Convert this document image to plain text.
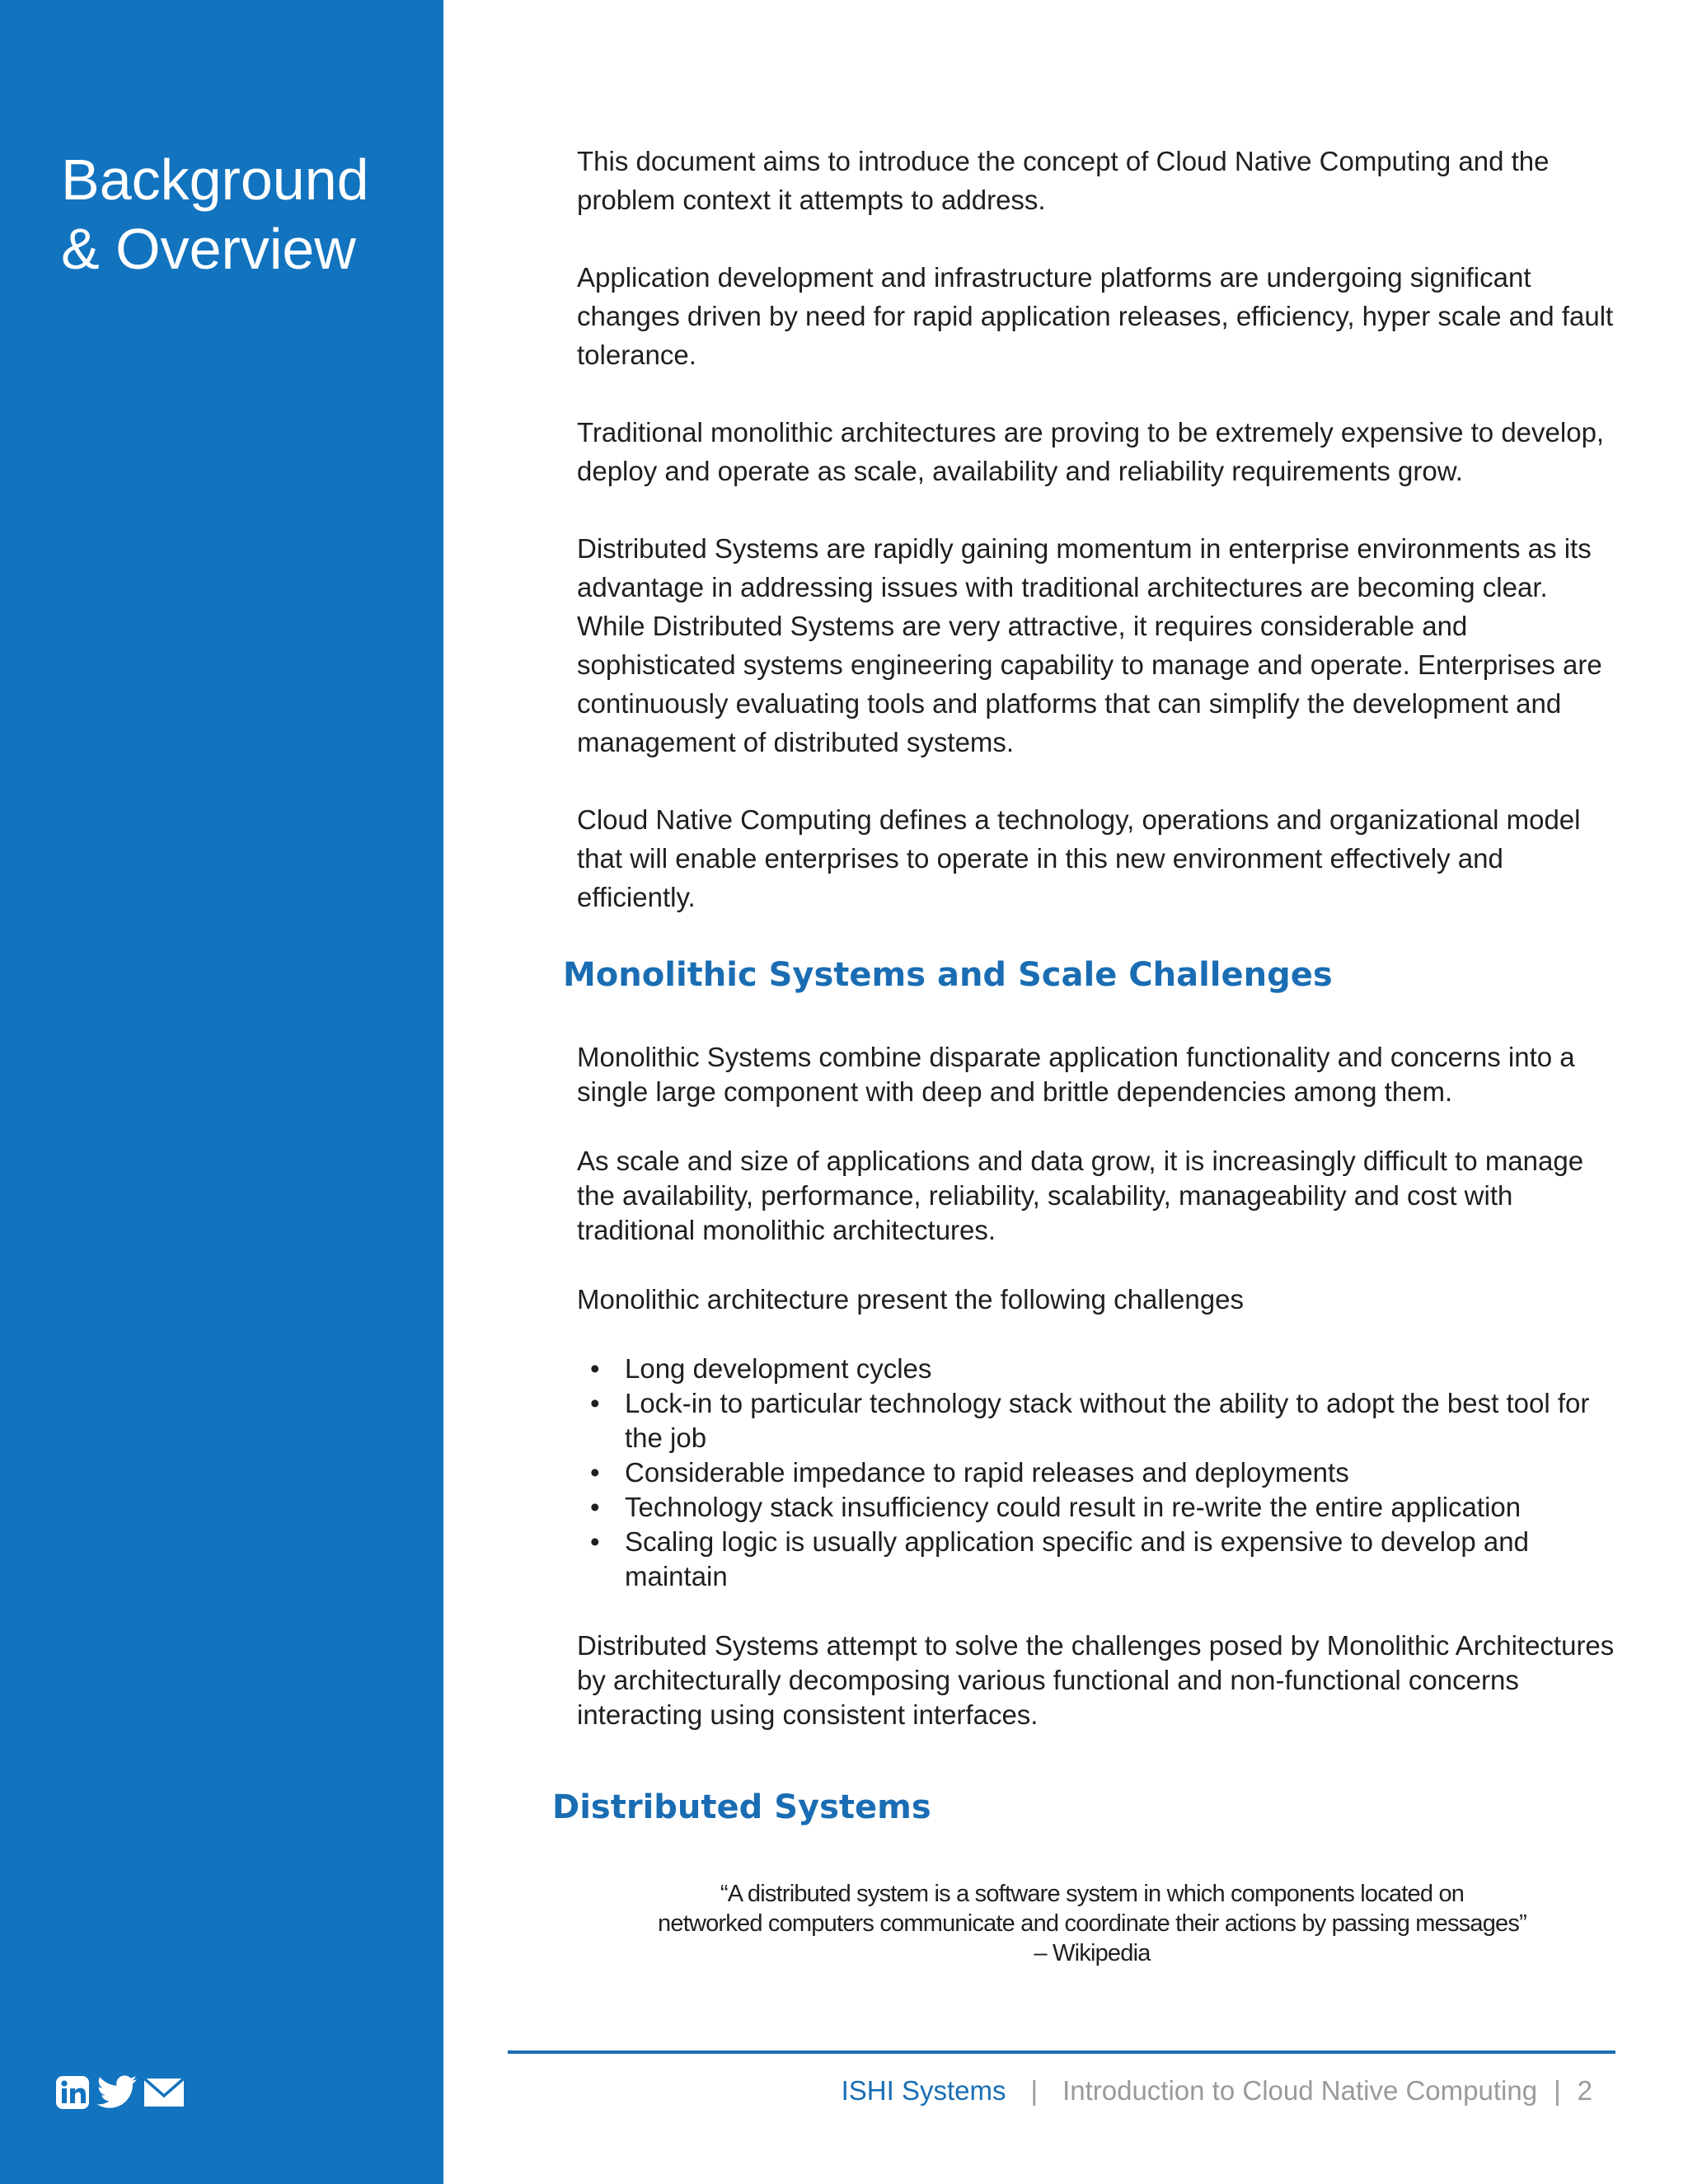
Background
& Overview

This document aims to introduce the concept of Cloud Native Computing and the problem context it attempts to address.

Application development and infrastructure platforms are undergoing significant changes driven by need for rapid application releases, efficiency, hyper scale and fault tolerance.

Traditional monolithic architectures are proving to be extremely expensive to develop, deploy and operate as scale, availability and reliability requirements grow.

Distributed Systems are rapidly gaining momentum in enterprise environments as its advantage in addressing issues with traditional architectures are becoming clear. While Distributed Systems are very attractive, it requires considerable and sophisticated systems engineering capability to manage and operate. Enterprises are continuously evaluating tools and platforms that can simplify the development and management of distributed systems.

Cloud Native Computing defines a technology, operations and organizational model that will enable enterprises to operate in this new environment effectively and efficiently.

Monolithic Systems and Scale Challenges

Monolithic Systems combine disparate application functionality and concerns into a single large component with deep and brittle dependencies among them.

As scale and size of applications and data grow, it is increasingly difficult to manage the availability, performance, reliability, scalability, manageability and cost with traditional monolithic architectures.

Monolithic architecture present the following challenges

• Long development cycles
• Lock-in to particular technology stack without the ability to adopt the best tool for the job
• Considerable impedance to rapid releases and deployments
• Technology stack insufficiency could result in re-write the entire application
• Scaling logic is usually application specific and is expensive to develop and maintain

Distributed Systems attempt to solve the challenges posed by Monolithic Architectures by architecturally decomposing various functional and non-functional concerns interacting using consistent interfaces.

Distributed Systems
“A distributed system is a software system in which components located on
networked computers communicate and coordinate their actions by passing messages”
– Wikipedia
ISHI Systems | Introduction to Cloud Native Computing | 2
